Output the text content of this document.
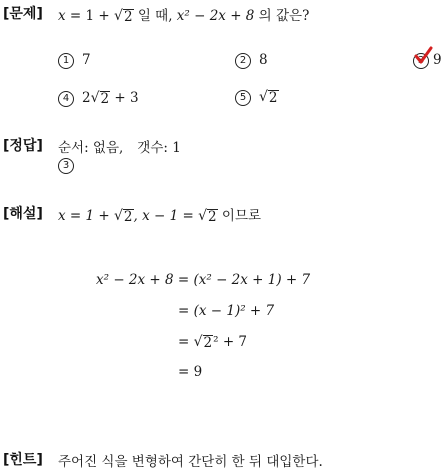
[문제] x = 1 + √ 2 일 때, x² − 2x + 8 의 값은?
1 7	2 8	3 9
4 2 √ 2 + 3	5 √ 2
[정답] 순서: 없음, 갯수: 1
3
[해설] x = 1 + √ 2 , x − 1 = √ 2 이므로
x² − 2x + 8 = (x² − 2x + 1) + 7
= (x − 1)² + 7
= √ 2 ² + 7
= 9
[힌트] 주어진 식을 변형하여 간단히 한 뒤 대입한다.
